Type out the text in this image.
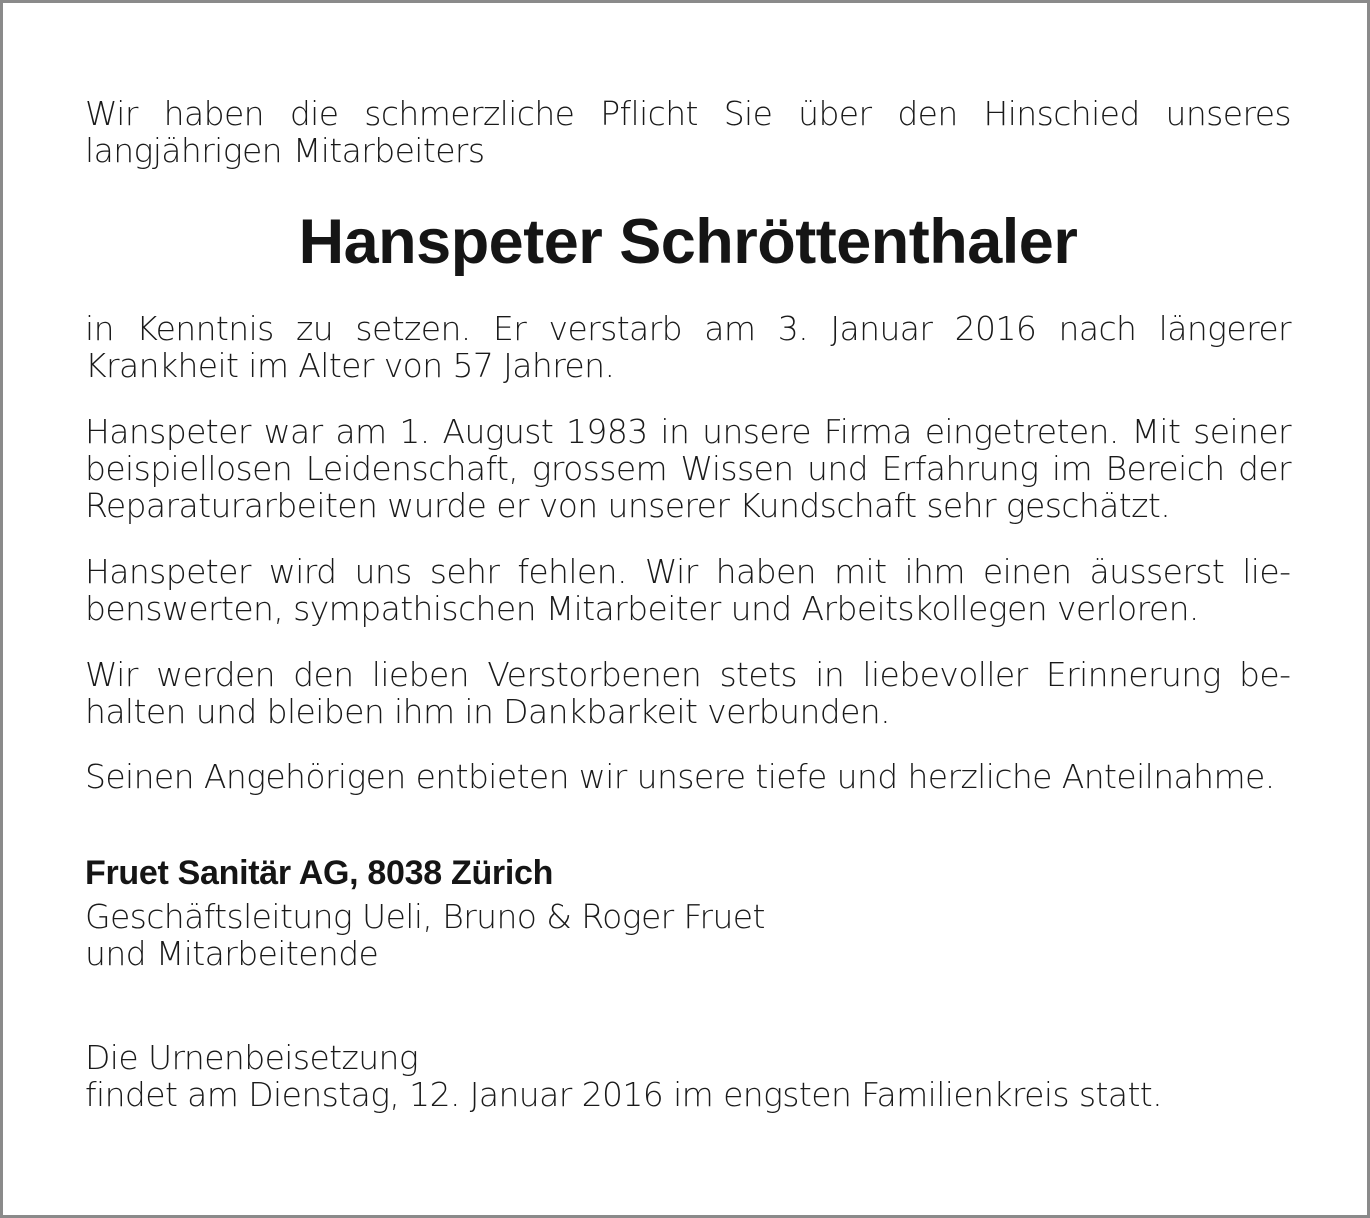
Wir haben die schmerzliche Pflicht Sie über den Hinschied unseres langjährigen Mitarbeiters

Hanspeter Schröttenthaler

in Kenntnis zu setzen. Er verstarb am 3. Januar 2016 nach längerer Krankheit im Alter von 57 Jahren.

Hanspeter war am 1. August 1983 in unsere Firma eingetreten. Mit seiner beispiellosen Leidenschaft, grossem Wissen und Erfahrung im Bereich der Reparaturarbeiten wurde er von unserer Kundschaft sehr geschätzt.

Hanspeter wird uns sehr fehlen. Wir haben mit ihm einen äusserst liebenswerten, sympathischen Mitarbeiter und Arbeitskollegen verloren.

Wir werden den lieben Verstorbenen stets in liebevoller Erinnerung behalten und bleiben ihm in Dankbarkeit verbunden.

Seinen Angehörigen entbieten wir unsere tiefe und herzliche Anteilnahme.

Fruet Sanitär AG, 8038 Zürich

Geschäftsleitung Ueli, Bruno & Roger Fruet
und Mitarbeitende

Die Urnenbeisetzung
findet am Dienstag, 12. Januar 2016 im engsten Familienkreis statt.
